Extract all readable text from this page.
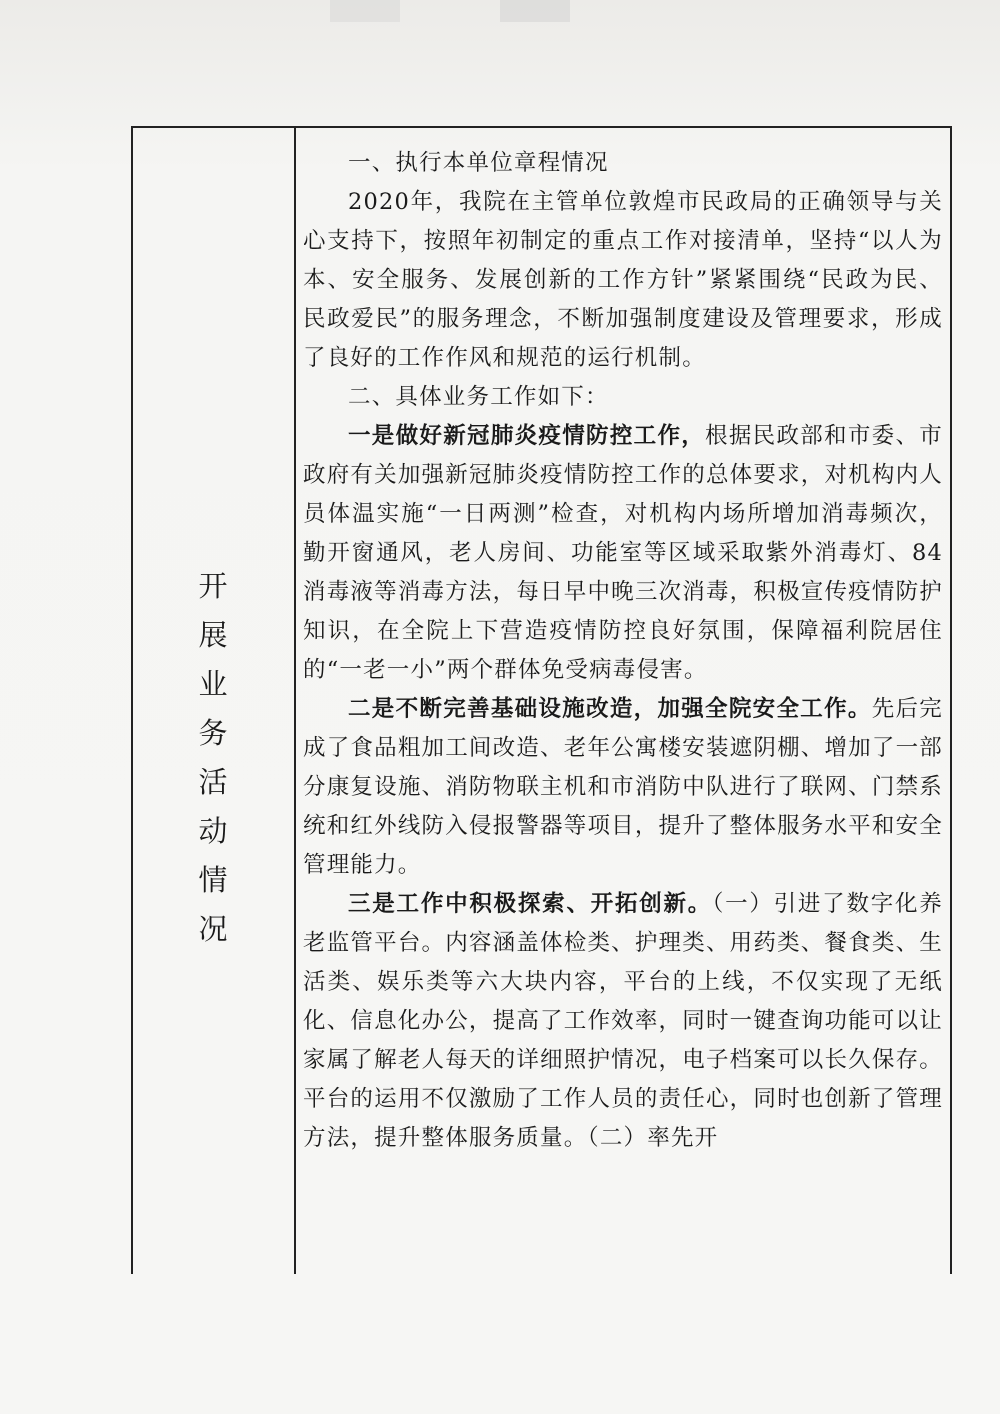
开
展
业
务
活
动
情
况

一、执行本单位章程情况

2020年，我院在主管单位敦煌市民政局的正确领导与关心支持下，按照年初制定的重点工作对接清单，坚持“以人为本、安全服务、发展创新的工作方针”紧紧围绕“民政为民、民政爱民”的服务理念，不断加强制度建设及管理要求，形成了良好的工作作风和规范的运行机制。

二、具体业务工作如下：

一是做好新冠肺炎疫情防控工作，根据民政部和市委、市政府有关加强新冠肺炎疫情防控工作的总体要求，对机构内人员体温实施“一日两测”检查，对机构内场所增加消毒频次，勤开窗通风，老人房间、功能室等区域采取紫外消毒灯、84消毒液等消毒方法，每日早中晚三次消毒，积极宣传疫情防护知识，在全院上下营造疫情防控良好氛围，保障福利院居住的“一老一小”两个群体免受病毒侵害。

二是不断完善基础设施改造，加强全院安全工作。先后完成了食品粗加工间改造、老年公寓楼安装遮阴棚、增加了一部分康复设施、消防物联主机和市消防中队进行了联网、门禁系统和红外线防入侵报警器等项目，提升了整体服务水平和安全管理能力。

三是工作中积极探索、开拓创新。（一）引进了数字化养老监管平台。内容涵盖体检类、护理类、用药类、餐食类、生活类、娱乐类等六大块内容，平台的上线，不仅实现了无纸化、信息化办公，提高了工作效率，同时一键查询功能可以让家属了解老人每天的详细照护情况，电子档案可以长久保存。平台的运用不仅激励了工作人员的责任心，同时也创新了管理方法，提升整体服务质量。（二）率先开
